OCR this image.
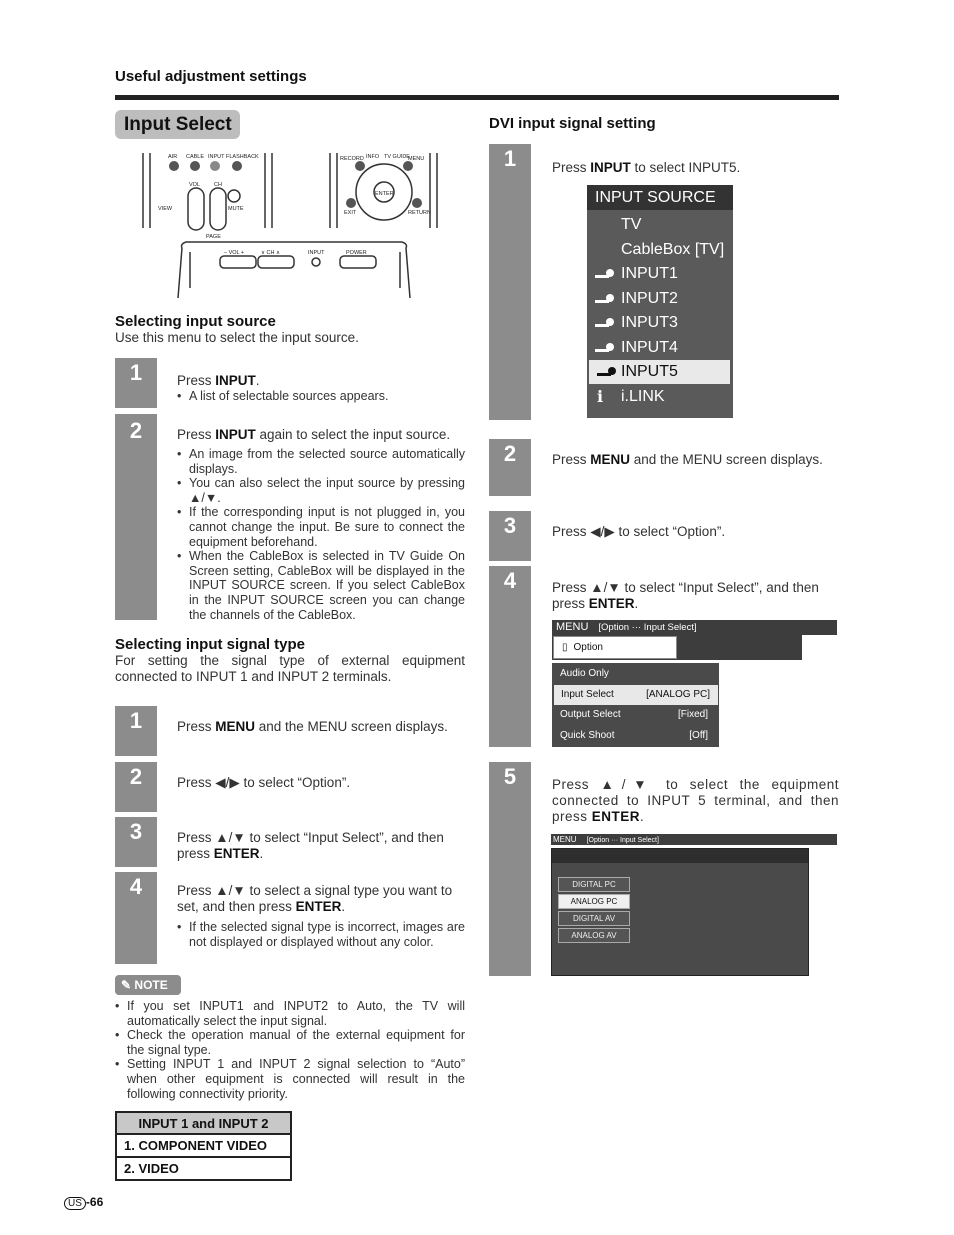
Useful adjustment settings
Input Select
AIR CABLE INPUT FLASHBACK
VOL	CH
MUTE
PAGE
VIEW
RECORD INFO TV GUIDE
MENU
EXIT
ENTER
RETURN
– VOL +	∨ CH ∧	INPUT	POWER
Selecting input source
Use this menu to select the input source.
1	Press INPUT.
• A list of selectable sources appears.
2	Press INPUT again to select the input source.
• An image from the selected source automatically displays.
• You can also select the input source by pressing ▲/▼.
• If the corresponding input is not plugged in, you cannot change the input. Be sure to connect the equipment beforehand.
• When the CableBox is selected in TV Guide On Screen setting, CableBox will be displayed in the INPUT SOURCE screen. If you select CableBox in the INPUT SOURCE screen you can change the channels of the CableBox.
Selecting input signal type
For setting the signal type of external equipment connected to INPUT 1 and INPUT 2 terminals.
1	Press MENU and the MENU screen displays.
2	Press ◀/▶ to select “Option”.
3	Press ▲/▼ to select “Input Select”, and then press ENTER.
4	Press ▲/▼ to select a signal type you want to set, and then press ENTER.
• If the selected signal type is incorrect, images are not displayed or displayed without any color.
✎ NOTE
• If you set INPUT1 and INPUT2 to Auto, the TV will automatically select the input signal.
• Check the operation manual of the external equipment for the signal type.
• Setting INPUT 1 and INPUT 2 signal selection to “Auto” when other equipment is connected will result in the following connectivity priority.
INPUT 1 and INPUT 2
1. COMPONENT VIDEO
2. VIDEO
DVI input signal setting
1	Press INPUT to select INPUT5.
INPUT SOURCE
TV
CableBox [TV]
INPUT1
INPUT2
INPUT3
INPUT4
INPUT5
i	i.LINK
2	Press MENU and the MENU screen displays.
3	Press ◀/▶ to select “Option”.
4	Press ▲/▼ to select “Input Select”, and then press ENTER.
MENU [Option ··· Input Select]
▯ Option
Audio Only
Input Select	[ANALOG PC]
Output Select	[Fixed]
Quick Shoot	[Off]
5	Press ▲/▼ to select the equipment connected to INPUT 5 terminal, and then press ENTER.
MENU [Option ··· Input Select]
DIGITAL PC
ANALOG PC
DIGITAL AV
ANALOG AV
US -66
